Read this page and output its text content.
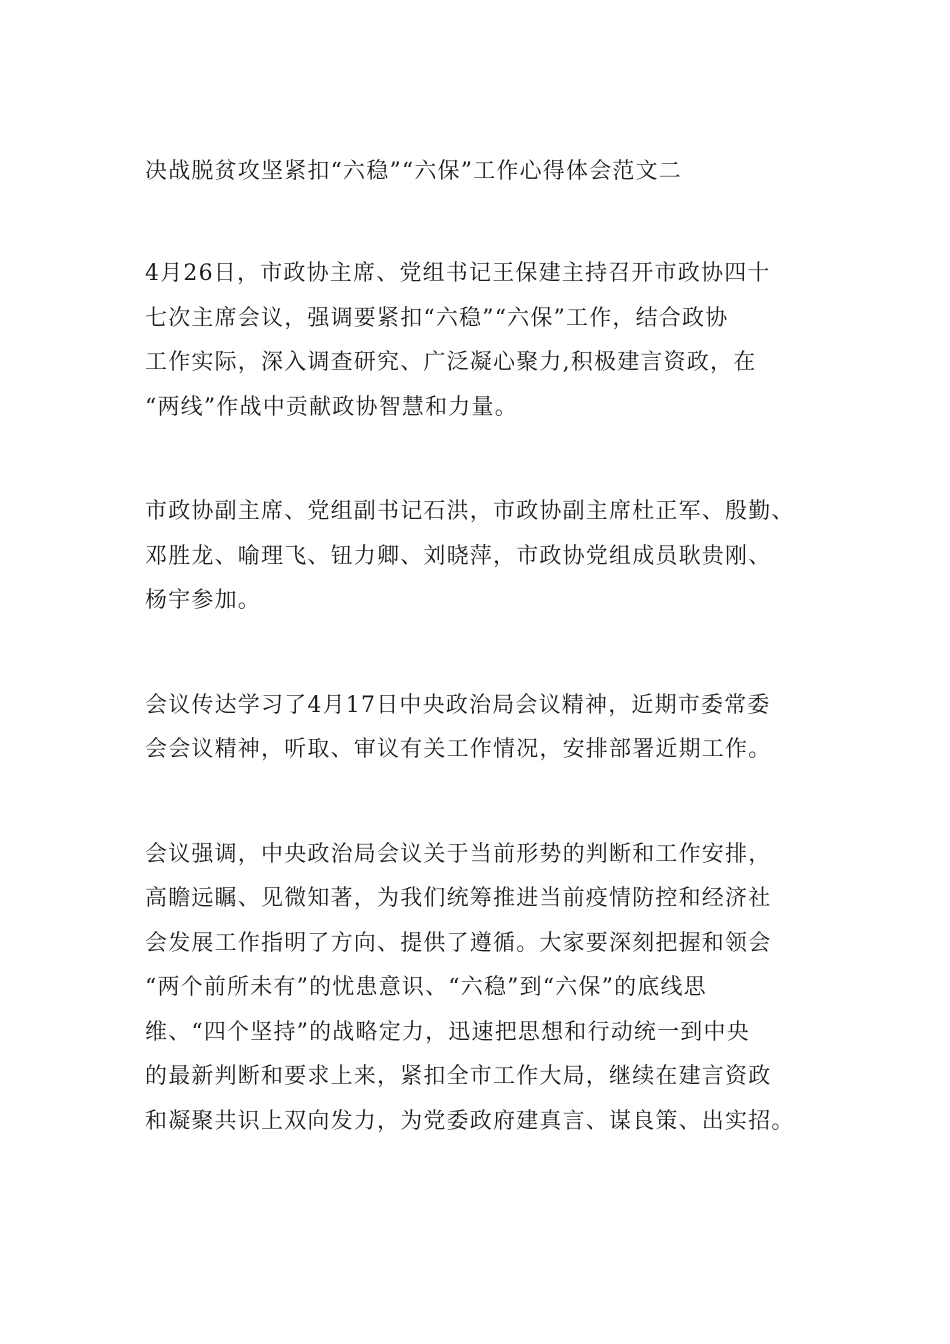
决战脱贫攻坚紧扣“六稳”“六保”工作心得体会范文二
4月26日，市政协主席、党组书记王保建主持召开市政协四十
七次主席会议，强调要紧扣“六稳”“六保”工作，结合政协
工作实际，深入调查研究、广泛凝心聚力,积极建言资政，在
“两线”作战中贡献政协智慧和力量。
市政协副主席、党组副书记石洪，市政协副主席杜正军、殷勤、
邓胜龙、喻理飞、钮力卿、刘晓萍，市政协党组成员耿贵刚、
杨宇参加。
会议传达学习了4月17日中央政治局会议精神，近期市委常委
会会议精神，听取、审议有关工作情况，安排部署近期工作。
会议强调，中央政治局会议关于当前形势的判断和工作安排，
高瞻远瞩、见微知著，为我们统筹推进当前疫情防控和经济社
会发展工作指明了方向、提供了遵循。大家要深刻把握和领会
“两个前所未有”的忧患意识、“六稳”到“六保”的底线思
维、“四个坚持”的战略定力，迅速把思想和行动统一到中央
的最新判断和要求上来，紧扣全市工作大局，继续在建言资政
和凝聚共识上双向发力，为党委政府建真言、谋良策、出实招。
